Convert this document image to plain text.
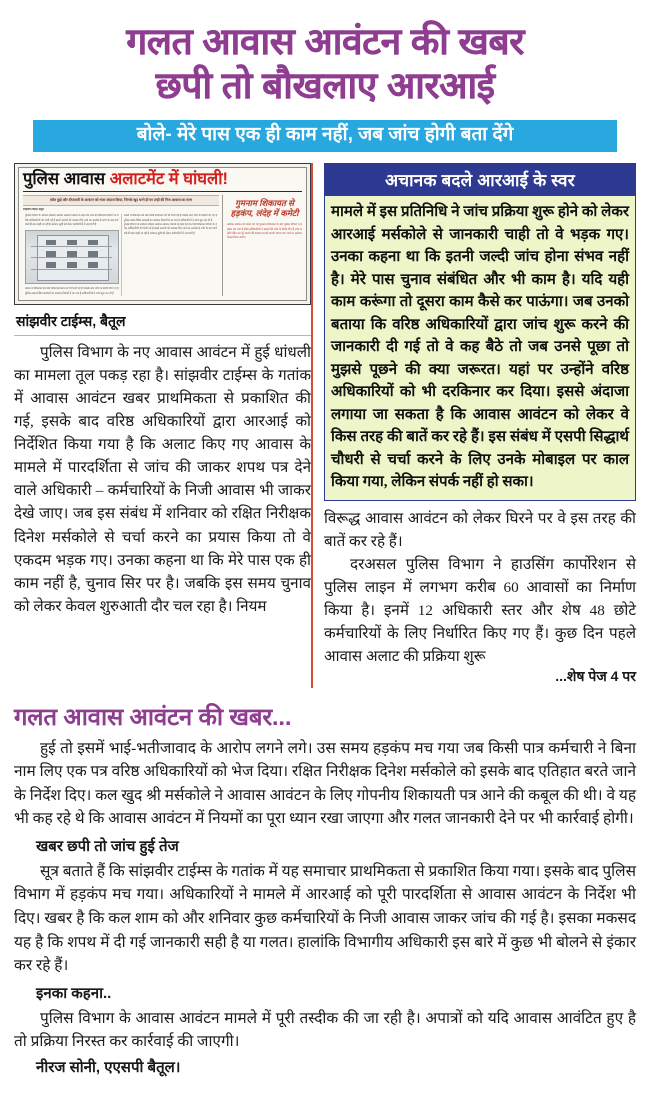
गलत आवास आवंटन की खबर
छपी तो बौखलाए आरआई
बोले- मेरे पास एक ही काम नहीं, जब जांच होगी बता देंगे
पुलिस आवास अलाटमेंट में घांघली!
कॉल तुझे और दीपावली के आवंटन को नजर अंदाज किया, जिनके खुद घरने ही घर उन्ही की निज आवास का लाभ
सांझवीर टाईम्स, बैतूल
पुलिस विभाग के आवंटन प्रक्रिया आवास आवंटन नियमों के तहत की जाने की शिकायत विभाग के वरिष्ठ अधिकारियों को भेजी गई है इसमें अपात्रों को आवास दिए जाने का उल्लेख है जांच के बाद कार्रवाई की बात कही जा रही है आवंटन सूची को लेकर कर्मचारियों में नाराजगी है
मामले में शिकायत की प्रति वरिष्ठ कार्यालय को भी भेजी गई है जिसके बाद जांच के निर्देश दिए गए हैं पुलिस लाइन स्थित आवासों का आवंटन विवादों में आ गया है अधिकारियों ने जांच शुरू कर दी है
मामले में शिकायत की प्रति वरिष्ठ कार्यालय को भी भेजी गई है जिसके बाद जांच के निर्देश दिए गए हैं पुलिस लाइन स्थित आवासों का आवंटन विवादों में आ गया है अधिकारियों ने जांच शुरू कर दी है
पुलिस विभाग के आवंटन प्रक्रिया आवास आवंटन नियमों के तहत की जाने की शिकायत विभाग के वरिष्ठ अधिकारियों को भेजी गई है इसमें अपात्रों को आवास दिए जाने का उल्लेख है जांच के बाद कार्रवाई की बात कही जा रही है आवंटन सूची को लेकर कर्मचारियों में नाराजगी है
गुमनाम शिकायत से
हड़कंप, लंदेह में कमेटी
आवास आवंटन को लेकर की गई गुमनाम शिकायत के बाद पुलिस विभाग में हड़कंप मच गया है वरिष्ठ अधिकारियों ने मामले की जांच के निर्देश दिए हैं जांच कमेटी गठित कर पूरे मामले की पड़ताल कराई जाएगी अपात्र पाए जाने पर आवंटन निरस्त किया जाएगा
सांझवीर टाईम्स, बैतूल

पुलिस विभाग के नए आवास आवंटन में हुई धांधली का मामला तूल पकड़ रहा है। सांझवीर टाईम्स के गतांक में आवास आवंटन खबर प्राथमिकता से प्रकाशित की गई, इसके बाद वरिष्ठ अधिकारियों द्वारा आरआई को निर्देशित किया गया है कि अलाट किए गए आवास के मामले में पारदर्शिता से जांच की जाकर शपथ पत्र देने वाले अधिकारी – कर्मचारियों के निजी आवास भी जाकर देखे जाए। जब इस संबंध में शनिवार को रक्षित निरीक्षक दिनेश मर्सकोले से चर्चा करने का प्रयास किया तो वे एकदम भड़क गए। उनका कहना था कि मेरे पास एक ही काम नहीं है, चुनाव सिर पर है। जबकि इस समय चुनाव को लेकर केवल शुरुआती दौर चल रहा है। नियम

अचानक बदले आरआई के स्वर
मामले में इस प्रतिनिधि ने जांच प्रक्रिया शुरू होने को लेकर आरआई मर्सकोले से जानकारी चाही तो वे भड़क गए। उनका कहना था कि इतनी जल्दी जांच होना संभव नहीं है। मेरे पास चुनाव संबंधित और भी काम है। यदि यही काम करूंगा तो दूसरा काम कैसे कर पाऊंगा। जब उनको बताया कि वरिष्ठ अधिकारियों द्वारा जांच शुरू करने की जानकारी दी गई तो वे कह बैठे तो जब उनसे पूछा तो मुझसे पूछने की क्या जरूरत। यहां पर उन्होंने वरिष्ठ अधिकारियों को भी दरकिनार कर दिया। इससे अंदाजा लगाया जा सकता है कि आवास आवंटन को लेकर वे किस तरह की बातें कर रहे हैं। इस संबंध में एसपी सिद्धार्थ चौधरी से चर्चा करने के लिए उनके मोबाइल पर काल किया गया, लेकिन संपर्क नहीं हो सका।

विरूद्ध आवास आवंटन को लेकर घिरने पर वे इस तरह की बातें कर रहे हैं।

दरअसल पुलिस विभाग ने हाउसिंग कार्पोरेशन से पुलिस लाइन में लगभग करीब 60 आवासों का निर्माण किया है। इनमें 12 अधिकारी स्तर और शेष 48 छोटे कर्मचारियों के लिए निर्धारित किए गए हैं। कुछ दिन पहले आवास अलाट की प्रक्रिया शुरू

...शेष पेज 4 पर
गलत आवास आवंटन की खबर...

हुई तो इसमें भाई-भतीजावाद के आरोप लगने लगे। उस समय हड़कंप मच गया जब किसी पात्र कर्मचारी ने बिना नाम लिए एक पत्र वरिष्ठ अधिकारियों को भेज दिया। रक्षित निरीक्षक दिनेश मर्सकोले को इसके बाद एतिहात बरते जाने के निर्देश दिए। कल खुद श्री मर्सकोले ने आवास आवंटन के लिए गोपनीय शिकायती पत्र आने की कबूल की थी। वे यह भी कह रहे थे कि आवास आवंटन में नियमों का पूरा ध्यान रखा जाएगा और गलत जानकारी देने पर भी कार्रवाई होगी।

खबर छपी तो जांच हुई तेज

सूत्र बताते हैं कि सांझवीर टाईम्स के गतांक में यह समाचार प्राथमिकता से प्रकाशित किया गया। इसके बाद पुलिस विभाग में हड़कंप मच गया। अधिकारियों ने मामले में आरआई को पूरी पारदर्शिता से आवास आवंटन के निर्देश भी दिए। खबर है कि कल शाम को और शनिवार कुछ कर्मचारियों के निजी आवास जाकर जांच की गई है। इसका मकसद यह है कि शपथ में दी गई जानकारी सही है या गलत। हालांकि विभागीय अधिकारी इस बारे में कुछ भी बोलने से इंकार कर रहे हैं।

इनका कहना..

पुलिस विभाग के आवास आवंटन मामले में पूरी तस्दीक की जा रही है। अपात्रों को यदि आवास आवंटित हुए है तो प्रक्रिया निरस्त कर कार्रवाई की जाएगी।

नीरज सोनी, एएसपी बैतूल।
